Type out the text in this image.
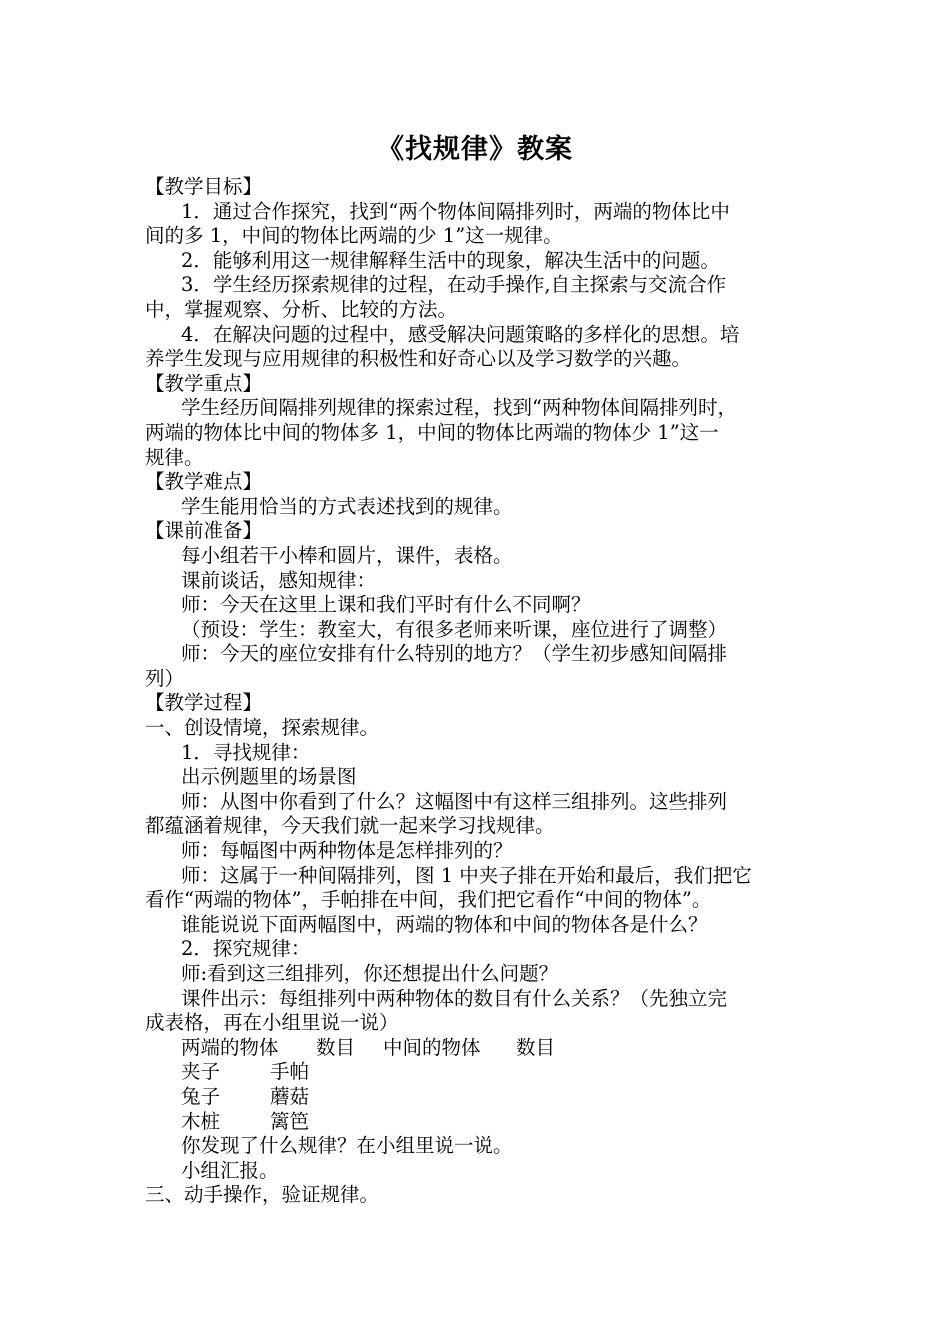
《找规律》教案

【教学目标】

1．通过合作探究，找到“两个物体间隔排列时，两端的物体比中

间的多 1，中间的物体比两端的少 1”这一规律。

2．能够利用这一规律解释生活中的现象，解决生活中的问题。

3．学生经历探索规律的过程，在动手操作,自主探索与交流合作

中，掌握观察、分析、比较的方法。

4．在解决问题的过程中，感受解决问题策略的多样化的思想。培

养学生发现与应用规律的积极性和好奇心以及学习数学的兴趣。

【教学重点】

学生经历间隔排列规律的探索过程，找到“两种物体间隔排列时，

两端的物体比中间的物体多 1，中间的物体比两端的物体少 1”这一

规律。

【教学难点】

学生能用恰当的方式表述找到的规律。

【课前准备】

每小组若干小棒和圆片，课件，表格。

课前谈话，感知规律：

师：今天在这里上课和我们平时有什么不同啊？

（预设：学生：教室大，有很多老师来听课，座位进行了调整）

师：今天的座位安排有什么特别的地方？（学生初步感知间隔排

列）

【教学过程】

一、创设情境，探索规律。

1．寻找规律：

出示例题里的场景图

师：从图中你看到了什么？这幅图中有这样三组排列。这些排列

都蕴涵着规律，今天我们就一起来学习找规律。

师：每幅图中两种物体是怎样排列的？

师：这属于一种间隔排列，图 1 中夹子排在开始和最后，我们把它

看作“两端的物体”，手帕排在中间，我们把它看作“中间的物体”。

谁能说说下面两幅图中，两端的物体和中间的物体各是什么？

2．探究规律：

师:看到这三组排列，你还想提出什么问题？

课件出示：每组排列中两种物体的数目有什么关系？（先独立完

成表格，再在小组里说一说）

两端的物体 数目 中间的物体 数目

夹子	手帕

兔子	蘑菇

木桩	篱笆

你发现了什么规律？在小组里说一说。

小组汇报。

三、动手操作，验证规律。
